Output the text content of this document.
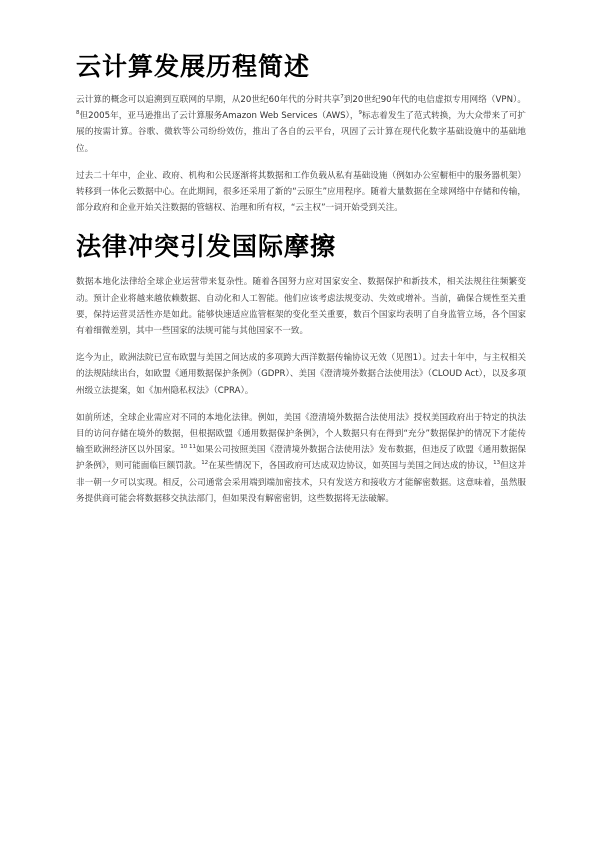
云计算发展历程简述

云计算的概念可以追溯到互联网的早期，从20世纪60年代的分时共享$^7$到20世纪90年代的电信虚拟专用网络（VPN）。$^8$但2005年，亚马逊推出了云计算服务Amazon Web Services（AWS），$^9$标志着发生了范式转换，为大众带来了可扩展的按需计算。谷歌、微软等公司纷纷效仿，推出了各自的云平台，巩固了云计算在现代化数字基础设施中的基础地位。

过去二十年中，企业、政府、机构和公民逐渐将其数据和工作负载从私有基础设施（例如办公室橱柜中的服务器机架）转移到一体化云数据中心。在此期间，很多还采用了新的“云原生”应用程序。随着大量数据在全球网络中存储和传输，部分政府和企业开始关注数据的管辖权、治理和所有权，“云主权”一词开始受到关注。

法律冲突引发国际摩擦

数据本地化法律给全球企业运营带来复杂性。随着各国努力应对国家安全、数据保护和新技术，相关法规往往频繁变动。预计企业将越来越依赖数据、自动化和人工智能。他们应该考虑法规变动、失效或增补。当前，确保合规性至关重要，保持运营灵活性亦是如此。能够快速适应监管框架的变化至关重要，数百个国家均表明了自身监管立场，各个国家有着细微差别，其中一些国家的法规可能与其他国家不一致。

迄今为止，欧洲法院已宣布欧盟与美国之间达成的多项跨大西洋数据传输协议无效（见图1）。过去十年中，与主权相关的法规陆续出台，如欧盟《通用数据保护条例》（GDPR）、美国《澄清境外数据合法使用法》（CLOUD Act），以及多项州级立法提案，如《加州隐私权法》（CPRA）。

如前所述，全球企业需应对不同的本地化法律。例如，美国《澄清境外数据合法使用法》授权美国政府出于特定的执法目的访问存储在境外的数据，但根据欧盟《通用数据保护条例》，个人数据只有在得到“充分”数据保护的情况下才能传输至欧洲经济区以外国家。$^{10 11}$如果公司按照美国《澄清境外数据合法使用法》发布数据，但违反了欧盟《通用数据保护条例》，则可能面临巨额罚款。$^{12}$在某些情况下，各国政府可达成双边协议，如英国与美国之间达成的协议，$^{13}$但这并非一朝一夕可以实现。相反，公司通常会采用端到端加密技术，只有发送方和接收方才能解密数据。这意味着，虽然服务提供商可能会将数据移交执法部门，但如果没有解密密钥，这些数据将无法破解。
